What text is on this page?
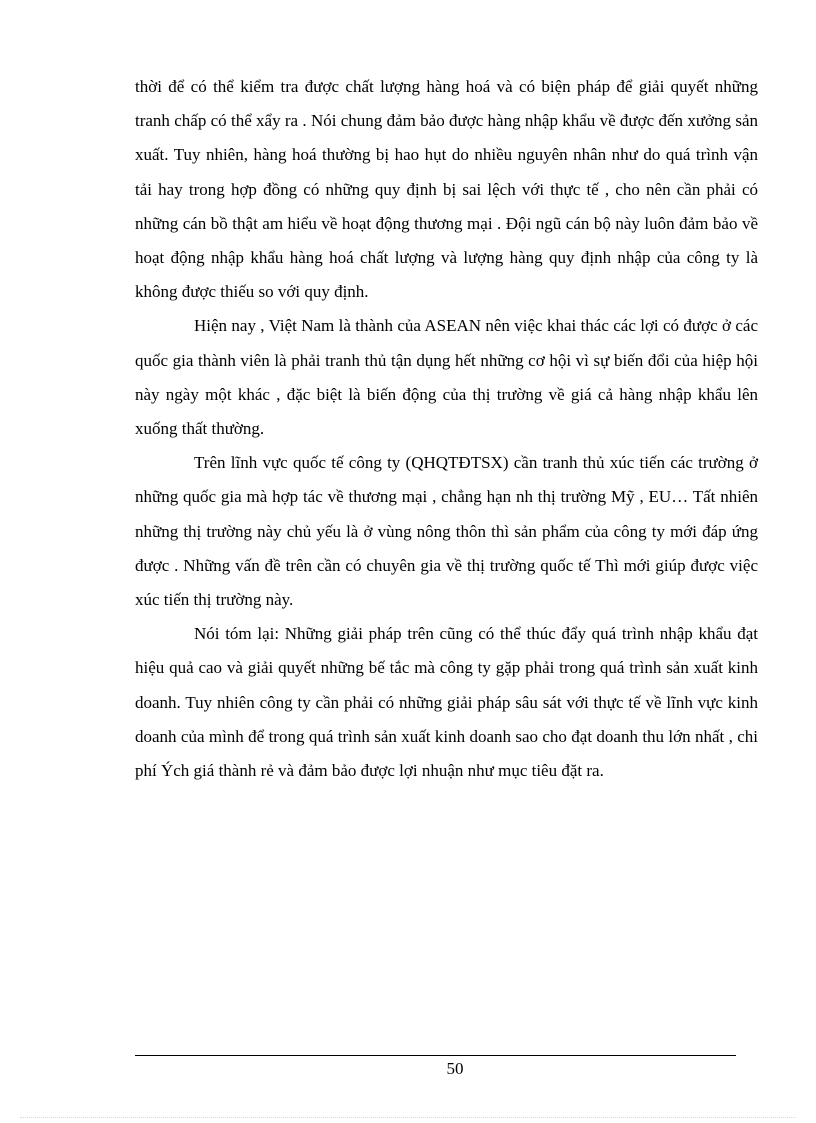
thời để có thể kiểm tra được chất lượng hàng hoá và có biện pháp để giải quyết những tranh chấp có thể xẩy ra . Nói chung đảm bảo được hàng nhập khẩu về được đến xưởng sản xuất. Tuy nhiên, hàng hoá thường bị hao hụt do nhiều nguyên nhân như do quá trình vận tải hay trong hợp đồng có những quy định bị sai lệch với thực tế , cho nên cần phải có những cán bồ thật am hiểu về hoạt động thương mại . Đội ngũ cán bộ này luôn đảm bảo về hoạt động nhập khẩu hàng hoá chất lượng và lượng hàng quy định nhập của công ty là không được thiếu so với quy định.

Hiện nay , Việt Nam là thành của ASEAN nên việc khai thác các lợi có được ở các quốc gia thành viên là phải tranh thủ tận dụng hết những cơ hội vì sự biến đổi của hiệp hội này ngày một khác , đặc biệt là biến động của thị trường về giá cả hàng nhập khẩu lên xuống thất thường.

Trên lĩnh vực quốc tế công ty (QHQTĐTSX) cần tranh thủ xúc tiến các trường ở những quốc gia mà hợp tác về thương mại , chẳng hạn nh thị trường Mỹ , EU… Tất nhiên những thị trường này chủ yếu là ở vùng nông thôn thì sản phẩm của công ty mới đáp ứng được . Những vấn đề trên cần có chuyên gia về thị trường quốc tế Thì mới giúp được việc xúc tiến thị trường này.

Nói tóm lại: Những giải pháp trên cũng có thể thúc đẩy quá trình nhập khẩu đạt hiệu quả cao và giải quyết những bế tắc mà công ty gặp phải trong quá trình sản xuất kinh doanh. Tuy nhiên công ty cần phải có những giải pháp sâu sát với thực tế về lĩnh vực kinh doanh của mình để trong quá trình sản xuất kinh doanh sao cho đạt doanh thu lớn nhất , chi phí Ých giá thành rẻ và đảm bảo được lợi nhuận như mục tiêu đặt ra.

50
